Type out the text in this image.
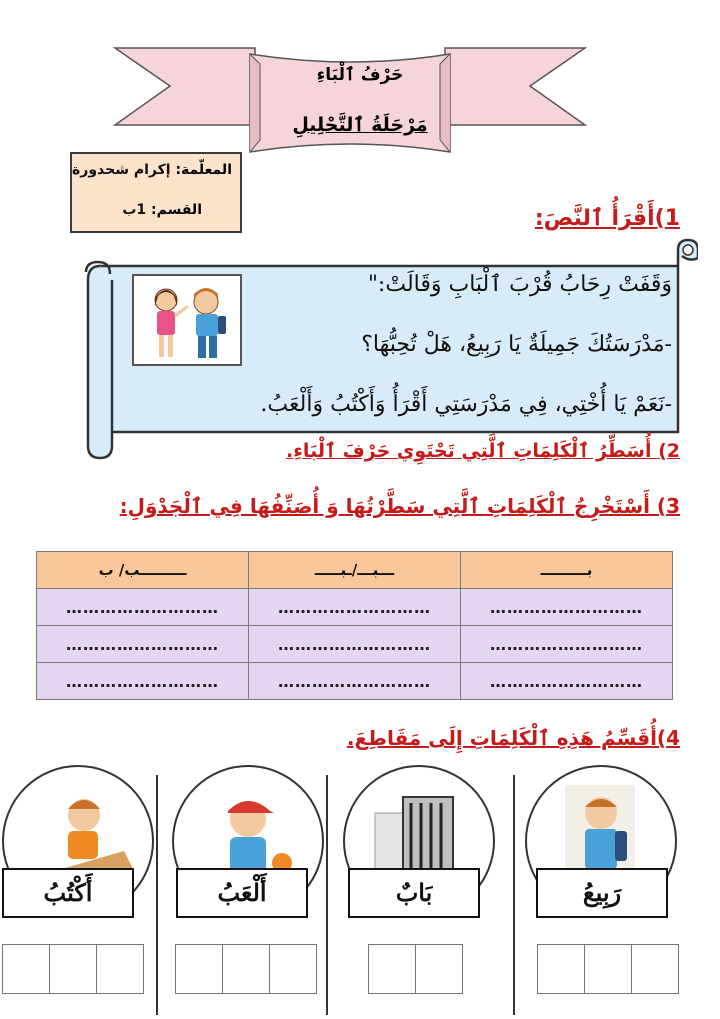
حَرْفُ ٱلْبَاءِ
مَرْحَلَةُ ٱلتَّحْلِيلِ
المعلّمة: إكرام شحدورة
القسم: 1ب	1)أَقْرَأُ ٱلنَّصَ:
وَقَفَتْ رِحَابُ قُرْبَ ٱلْبَابِ وَقَالَتْ:"
-مَدْرَسَتُكَ جَمِيلَةٌ يَا رَبِيعُ، هَلْ تُحِبُّهَا؟
-نَعَمْ يَا أُخْتِي، فِي مَدْرَسَتِي أَقْرَأُ وَأَكْتُبُ وَأَلْعَبُ.
2) أُسَطِّرُ ٱلْكَلِمَاتِ ٱلَّتِي تَحْتَوِي حَرْفَ ٱلْبَاءِ.
3) أَسْتَخْرِجُ ٱلْكَلِمَاتِ ٱلَّتِي سَطَّرْتُهَا وَ أُصَنِّفُهَا فِي ٱلْجَدْوَلِ:
بـــــــــ	ـــبـــ/ـبـــــ	ـــــــــب/ ب
………………………	………………………	………………………
………………………	………………………	………………………
………………………	………………………	………………………
4)أُقَسِّمُ هَذِهِ ٱلْكَلِمَاتِ إِلَى مَقَاطِعَ.
رَبِيعُ
بَابٌ
أَلْعَبُ
أَكْتُبُ
